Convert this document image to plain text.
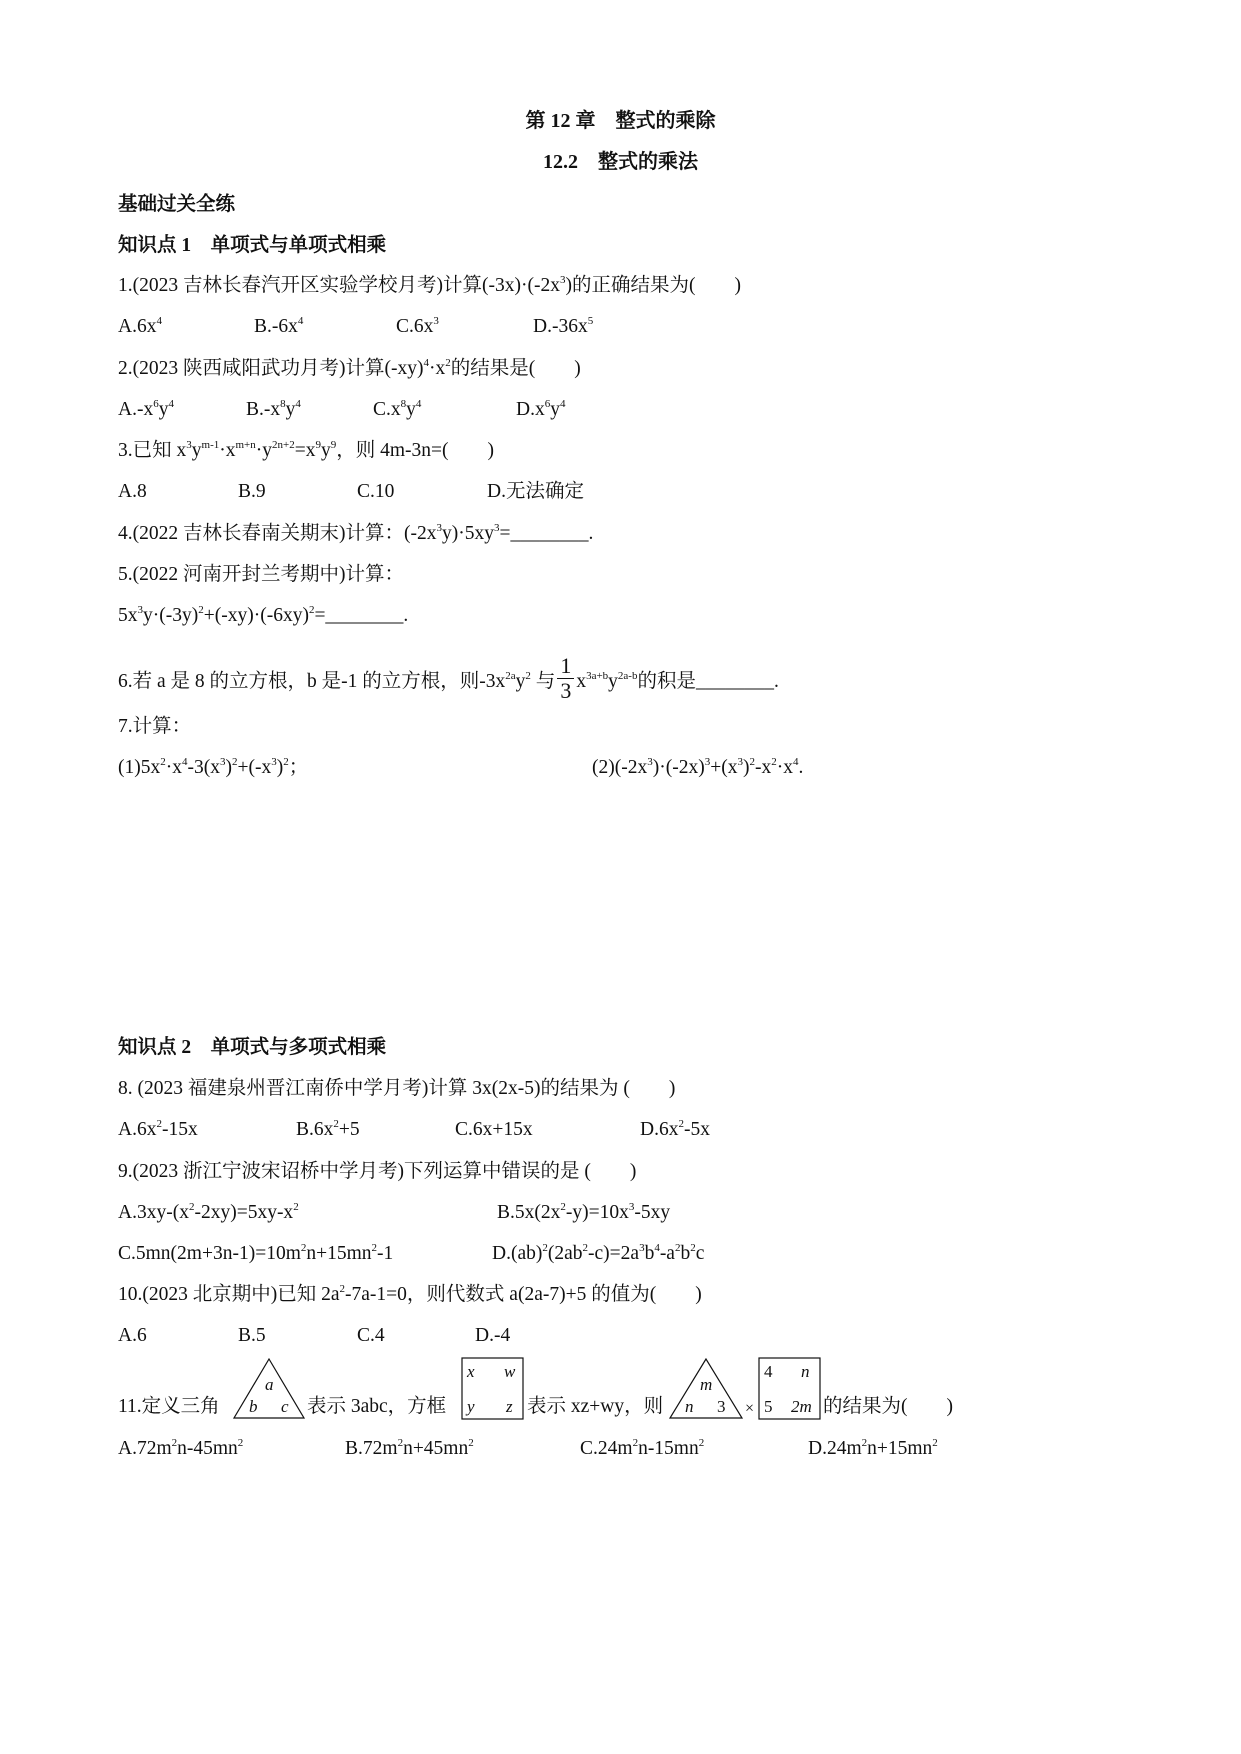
第 12 章　整式的乘除
12.2　整式的乘法
基础过关全练
知识点 1　单项式与单项式相乘
1.(2023 吉林长春汽开区实验学校月考)计算$(-3x)\cdot(-2x^3)$的正确结果为(　　)
$A.6x^4$	$B.-6x^4$	$C.6x^3$	$D.-36x^5$
2.(2023 陕西咸阳武功月考)计算$(-xy)^4\cdot x^2$的结果是(　　)
$A.-x^6y^4$	$B.-x^8y^4$	$C.x^8y^4$	$D.x^6y^4$
3.已知 $x^3y^{m-1}\cdot x^{m+n}\cdot y^{2n+2}=x^9y^9$，则 4m-3n=(　　)
A.8	B.9	C.10	D.无法确定
4.(2022 吉林长春南关期末)计算：$(-2x^3y)\cdot 5xy^3=\_\_\_\_\_\_\_\_$.
5.(2022 河南开封兰考期中)计算：
$5x^3y\cdot(-3y)^2+(-xy)\cdot(-6xy)^2=\_\_\_\_\_\_\_\_$.
6.若 a 是 8 的立方根，b 是-1 的立方根，则$-3x^{2a}y^2$ 与 $\frac{1}{3} x^{3a+b}y^{2a-b}$的积是________.
7.计算：
$(1)5x^2\cdot x^4-3(x^3)^2+(-x^3)^2$；	$(2)(-2x^3)\cdot(-2x)^3+(x^3)^2-x^2\cdot x^4$.
知识点 2　单项式与多项式相乘
8. (2023 福建泉州晋江南侨中学月考)计算 3x(2x-5)的结果为 (　　)
$A.6x^2-15x$	$B.6x^2+5$	C.6x+15x	$D.6x^2-5x$
9.(2023 浙江宁波宋诏桥中学月考)下列运算中错误的是 (　　)
$A.3xy-(x^2-2xy)=5xy-x^2$	$B.5x(2x^2-y)=10x^3-5xy$
$C.5mn(2m+3n-1)=10m^2n+15mn^2-1$	$D.(ab)^2(2ab^2-c)=2a^3b^4-a^2b^2c$
10.(2023 北京期中)已知 $2a^2-7a-1=0$，则代数式 a(2a-7)+5 的值为(　　)
A.6	B.5	C.4	D.-4
11.定义三角
a
b c 表示 3abc，方框
x w
y z 表示 xz+wy，则
m
n 3 ×
4 n
5 2m 的结果为(　　)
$A.72m^2n-45mn^2$	$B.72m^2n+45mn^2$	$C.24m^2n-15mn^2$	$D.24m^2n+15mn^2$
